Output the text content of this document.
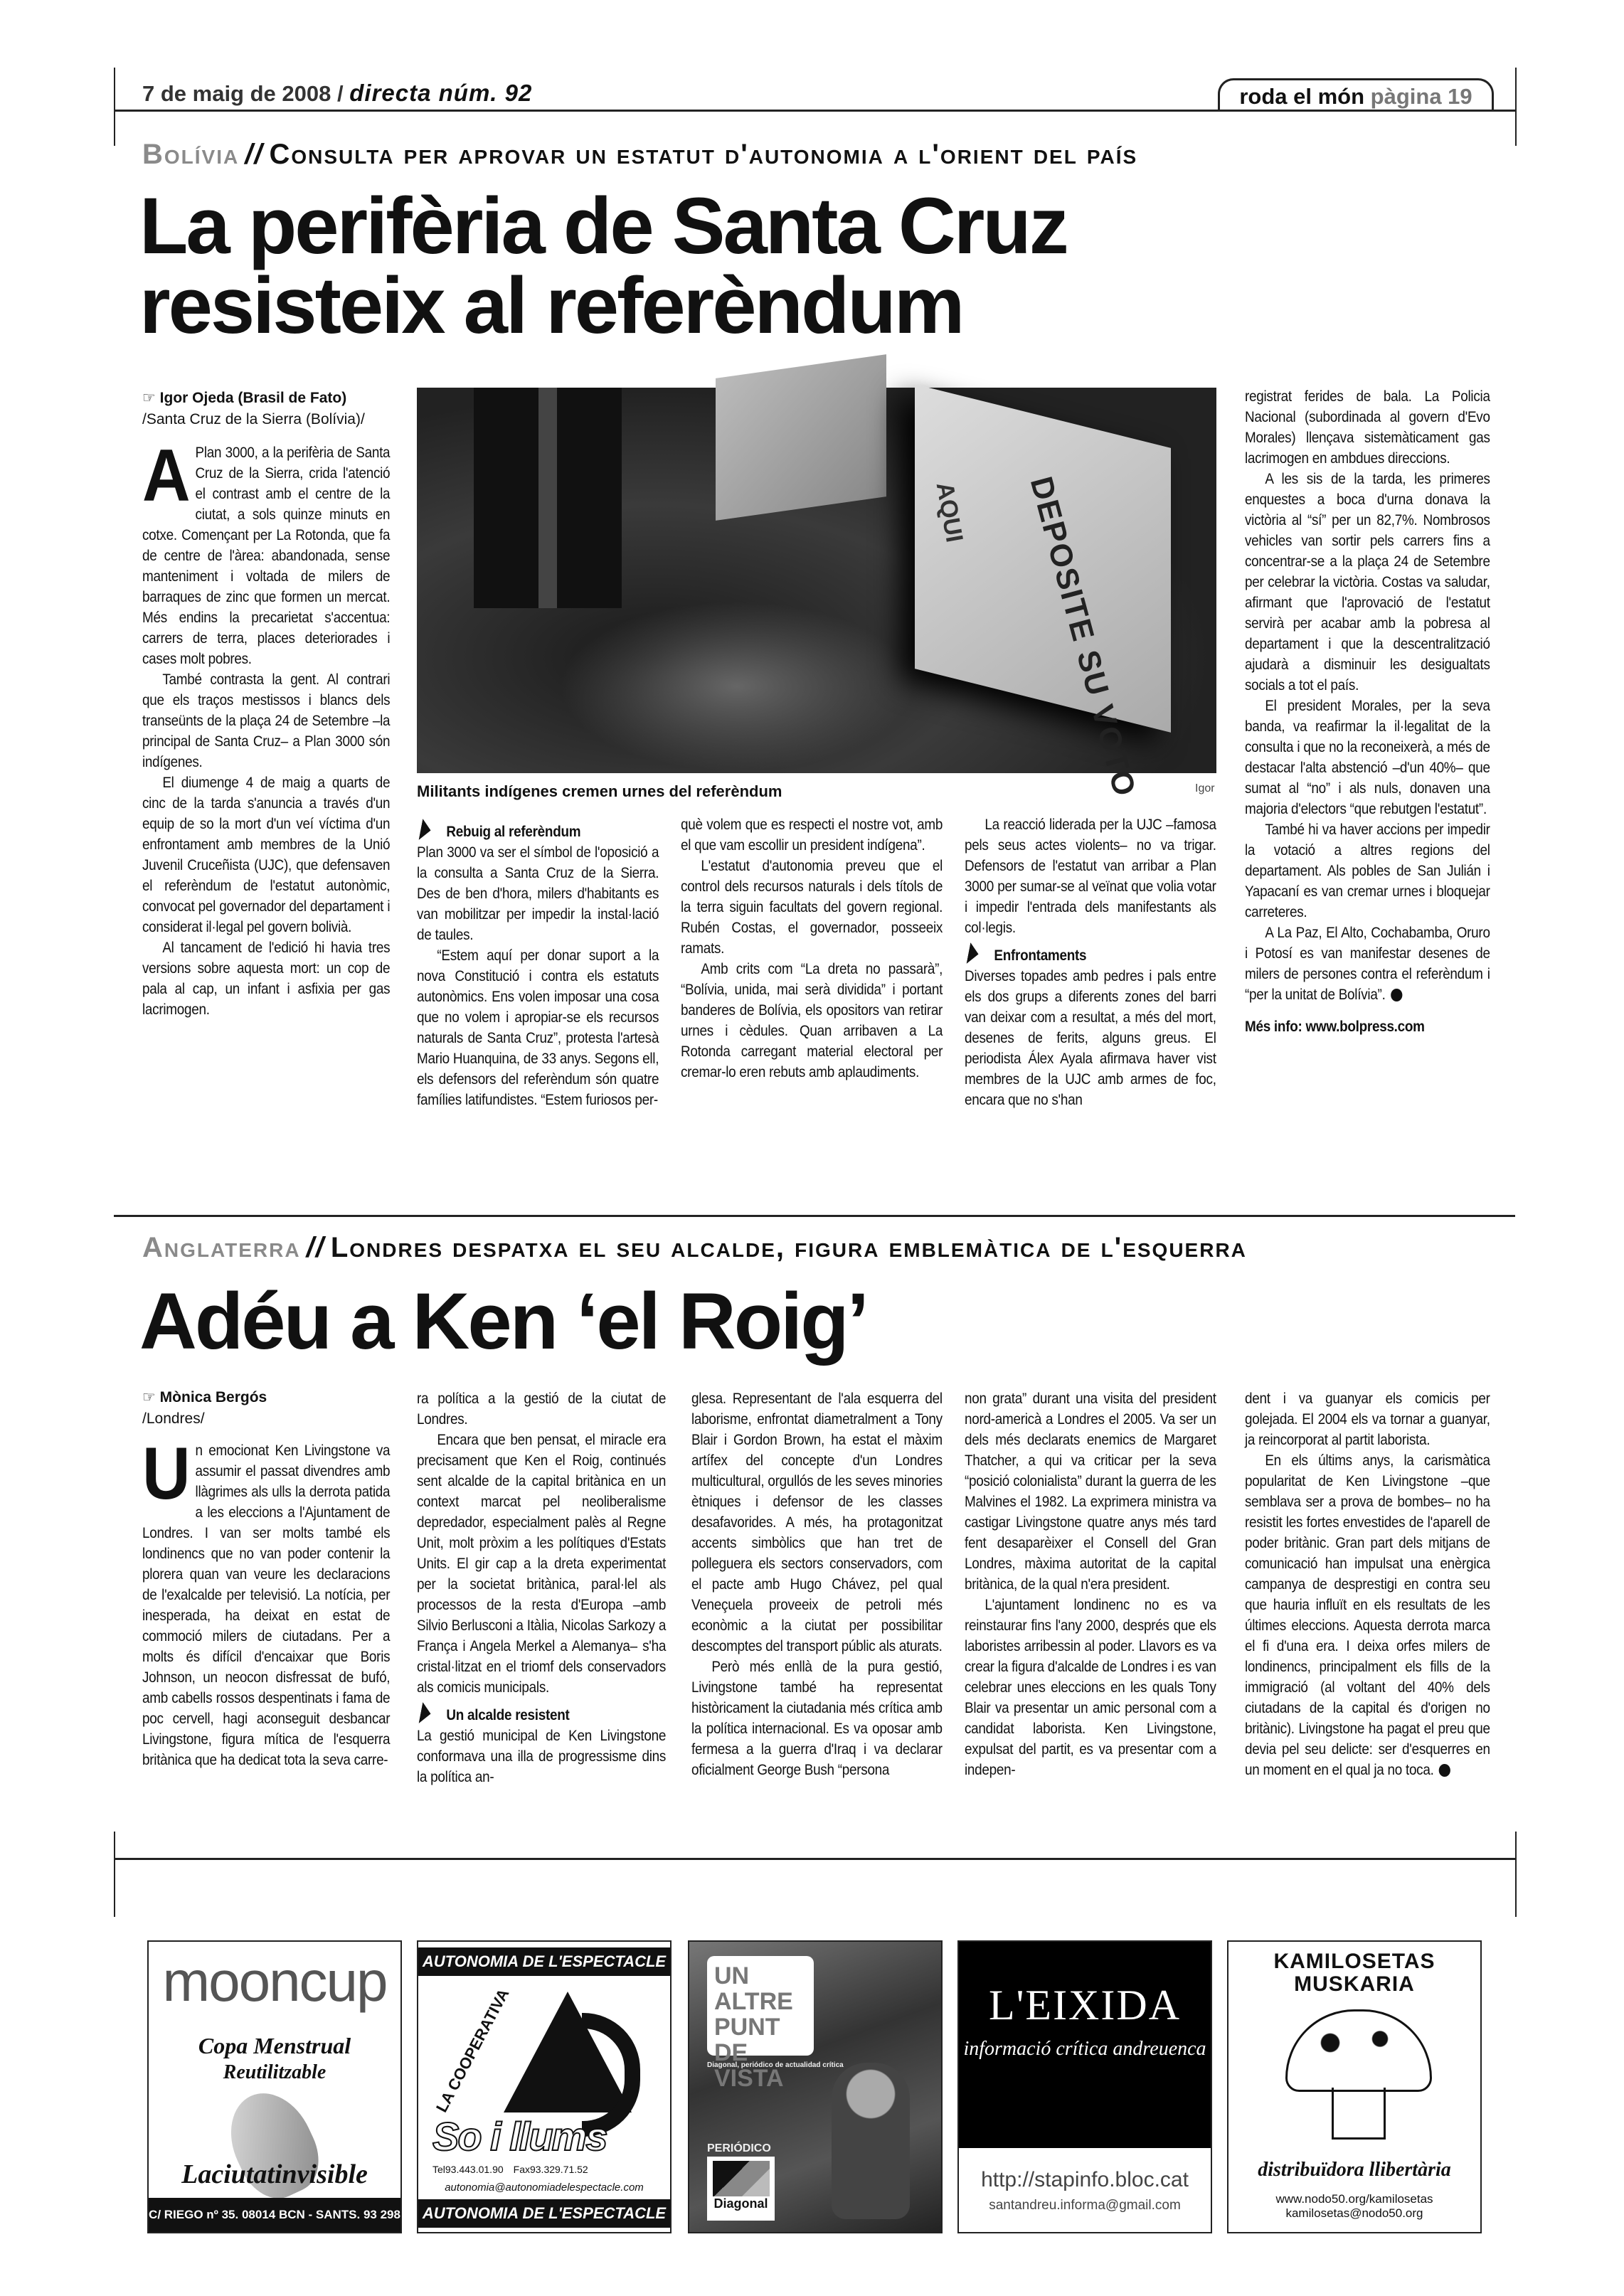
7 de maig de 2008 / directa núm. 92	roda el món pàgina 19
Bolívia // Consulta per aprovar un estatut d'autonomia a l'orient del país
La perifèria de Santa Cruz
resisteix al referèndum
☞ Igor Ojeda (Brasil de Fato)
/Santa Cruz de la Sierra (Bolívia)/

A Plan 3000, a la perifèria de Santa Cruz de la Sierra, crida l'atenció el contrast amb el centre de la ciutat, a sols quinze minuts en cotxe. Començant per La Rotonda, que fa de centre de l'àrea: abandonada, sense manteniment i voltada de milers de barraques de zinc que formen un mercat. Més endins la precarietat s'accentua: carrers de terra, places deteriorades i cases molt pobres.

També contrasta la gent. Al contrari que els traços mestissos i blancs dels transeünts de la plaça 24 de Setembre –la principal de Santa Cruz– a Plan 3000 són indígenes.

El diumenge 4 de maig a quarts de cinc de la tarda s'anuncia a través d'un equip de so la mort d'un veí víctima d'un enfrontament amb membres de la Unió Juvenil Cruceñista (UJC), que defensaven el referèndum de l'estatut autonòmic, convocat pel governador del departament i considerat il·legal pel govern bolivià.

Al tancament de l'edició hi havia tres versions sobre aquesta mort: un cop de pala al cap, un infant i asfixia per gas lacrimogen.

DEPOSITE SU VOTO
AQUI
Militants indígenes cremen urnes del referèndum	Igor
Rebuig al referèndum

Plan 3000 va ser el símbol de l'oposició a la consulta a Santa Cruz de la Sierra. Des de ben d'hora, milers d'habitants es van mobilitzar per impedir la instal·lació de taules.

“Estem aquí per donar suport a la nova Constitució i contra els estatuts autonòmics. Ens volen imposar una cosa que no volem i apropiar-se els recursos naturals de Santa Cruz”, protesta l'artesà Mario Huanquina, de 33 anys. Segons ell, els defensors del referèndum són quatre famílies latifundistes. “Estem furiosos per-

què volem que es respecti el nostre vot, amb el que vam escollir un president indígena”.

L'estatut d'autonomia preveu que el control dels recursos naturals i dels títols de la terra siguin facultats del govern regional. Rubén Costas, el governador, posseeix ramats.

Amb crits com “La dreta no passarà”, “Bolívia, unida, mai serà dividida” i portant banderes de Bolívia, els opositors van retirar urnes i cèdules. Quan arribaven a La Rotonda carregant material electoral per cremar-lo eren rebuts amb aplaudiments.

La reacció liderada per la UJC –famosa pels seus actes violents– no va trigar. Defensors de l'estatut van arribar a Plan 3000 per sumar-se al veïnat que volia votar i impedir l'entrada dels manifestants als col·legis.

Enfrontaments

Diverses topades amb pedres i pals entre els dos grups a diferents zones del barri van deixar com a resultat, a més del mort, desenes de ferits, alguns greus. El periodista Álex Ayala afirmava haver vist membres de la UJC amb armes de foc, encara que no s'han

registrat ferides de bala. La Policia Nacional (subordinada al govern d'Evo Morales) llençava sistemàticament gas lacrimogen en ambdues direccions.

A les sis de la tarda, les primeres enquestes a boca d'urna donava la victòria al “sí” per un 82,7%. Nombrosos vehicles van sortir pels carrers fins a concentrar-se a la plaça 24 de Setembre per celebrar la victòria. Costas va saludar, afirmant que l'aprovació de l'estatut servirà per acabar amb la pobresa al departament i que la descentralització ajudarà a disminuir les desigualtats socials a tot el país.

El president Morales, per la seva banda, va reafirmar la il·legalitat de la consulta i que no la reconeixerà, a més de destacar l'alta abstenció –d'un 40%– que sumat al “no” i als nuls, donaven una majoria d'electors “que rebutgen l'estatut”.

També hi va haver accions per impedir la votació a altres regions del departament. Als pobles de San Julián i Yapacaní es van cremar urnes i bloquejar carreteres.

A La Paz, El Alto, Cochabamba, Oruro i Potosí es van manifestar desenes de milers de persones contra el referèndum i “per la unitat de Bolívia”.

Més info: www.bolpress.com

Anglaterra // Londres despatxa el seu alcalde, figura emblemàtica de l'esquerra
Adéu a Ken ‘el Roig’
☞ Mònica Bergós
/Londres/

Un emocionat Ken Livingstone va assumir el passat divendres amb llàgrimes als ulls la derrota patida a les eleccions a l'Ajuntament de Londres. I van ser molts també els londinencs que no van poder contenir la plorera quan van veure les declaracions de l'exalcalde per televisió. La notícia, per inesperada, ha deixat en estat de commoció milers de ciutadans. Per a molts és difícil d'encaixar que Boris Johnson, un neocon disfressat de bufó, amb cabells rossos despentinats i fama de poc cervell, hagi aconseguit desbancar Livingstone, figura mítica de l'esquerra britànica que ha dedicat tota la seva carre-

ra política a la gestió de la ciutat de Londres.

Encara que ben pensat, el miracle era precisament que Ken el Roig, continués sent alcalde de la capital britànica en un context marcat pel neoliberalisme depredador, especialment palès al Regne Unit, molt pròxim a les polítiques d'Estats Units. El gir cap a la dreta experimentat per la societat britànica, paral·lel als processos de la resta d'Europa –amb Silvio Berlusconi a Itàlia, Nicolas Sarkozy a França i Angela Merkel a Alemanya– s'ha cristal·litzat en el triomf dels conservadors als comicis municipals.

Un alcalde resistent

La gestió municipal de Ken Livingstone conformava una illa de progressisme dins la política an-

glesa. Representant de l'ala esquerra del laborisme, enfrontat diametralment a Tony Blair i Gordon Brown, ha estat el màxim artífex del concepte d'un Londres multicultural, orgullós de les seves minories ètniques i defensor de les classes desafavorides. A més, ha protagonitzat accents simbòlics que han tret de polleguera els sectors conservadors, com el pacte amb Hugo Chávez, pel qual Veneçuela proveeix de petroli més econòmic a la ciutat per possibilitar descomptes del transport públic als aturats.

Però més enllà de la pura gestió, Livingstone també ha representat històricament la ciutadania més crítica amb la política internacional. Es va oposar amb fermesa a la guerra d'Iraq i va declarar oficialment George Bush “persona

non grata” durant una visita del president nord-americà a Londres el 2005. Va ser un dels més declarats enemics de Margaret Thatcher, a qui va criticar per la seva “posició colonialista” durant la guerra de les Malvines el 1982. La exprimera ministra va castigar Livingstone quatre anys més tard fent desaparèixer el Consell del Gran Londres, màxima autoritat de la capital britànica, de la qual n'era president.

L'ajuntament londinenc no es va reinstaurar fins l'any 2000, després que els laboristes arribessin al poder. Llavors es va crear la figura d'alcalde de Londres i es van celebrar unes eleccions en les quals Tony Blair va presentar un amic personal com a candidat laborista. Ken Livingstone, expulsat del partit, es va presentar com a indepen-

dent i va guanyar els comicis per golejada. El 2004 els va tornar a guanyar, ja reincorporat al partit laborista.

En els últims anys, la carismàtica popularitat de Ken Livingstone –que semblava ser a prova de bombes– no ha resistit les fortes envestides de l'aparell de poder britànic. Gran part dels mitjans de comunicació han impulsat una enèrgica campanya de desprestigi en contra seu que hauria influït en els resultats de les últimes eleccions. Aquesta derrota marca el fi d'una era. I deixa orfes milers de londinencs, principalment els fills de la immigració (al voltant del 40% dels ciutadans de la capital és d'origen no britànic). Livingstone ha pagat el preu que devia pel seu delicte: ser d'esquerres en un moment en el qual ja no toca.

mooncup
Copa Menstrual
Reutilitzable
Laciutatinvisible
C/ RIEGO nº 35. 08014 BCN - SANTS. 93 298 99 47
AUTONOMIA DE L'ESPECTACLE sccl
LA COOPERATIVA
So i llums
Tel93.443.01.90 Fax93.329.71.52
autonomia@autonomiadelespectacle.com
AUTONOMIA DE L'ESPECTACLE sccl
UN ALTRE PUNT DE VISTA
Diagonal, periódico de actualidad crítica
PERIÓDICO
Diagonal
L'EIXIDA
informació crítica andreuenca
http://stapinfo.bloc.cat
santandreu.informa@gmail.com
KAMILOSETAS MUSKARIA
distribuïdora llibertària
www.nodo50.org/kamilosetas
kamilosetas@nodo50.org
